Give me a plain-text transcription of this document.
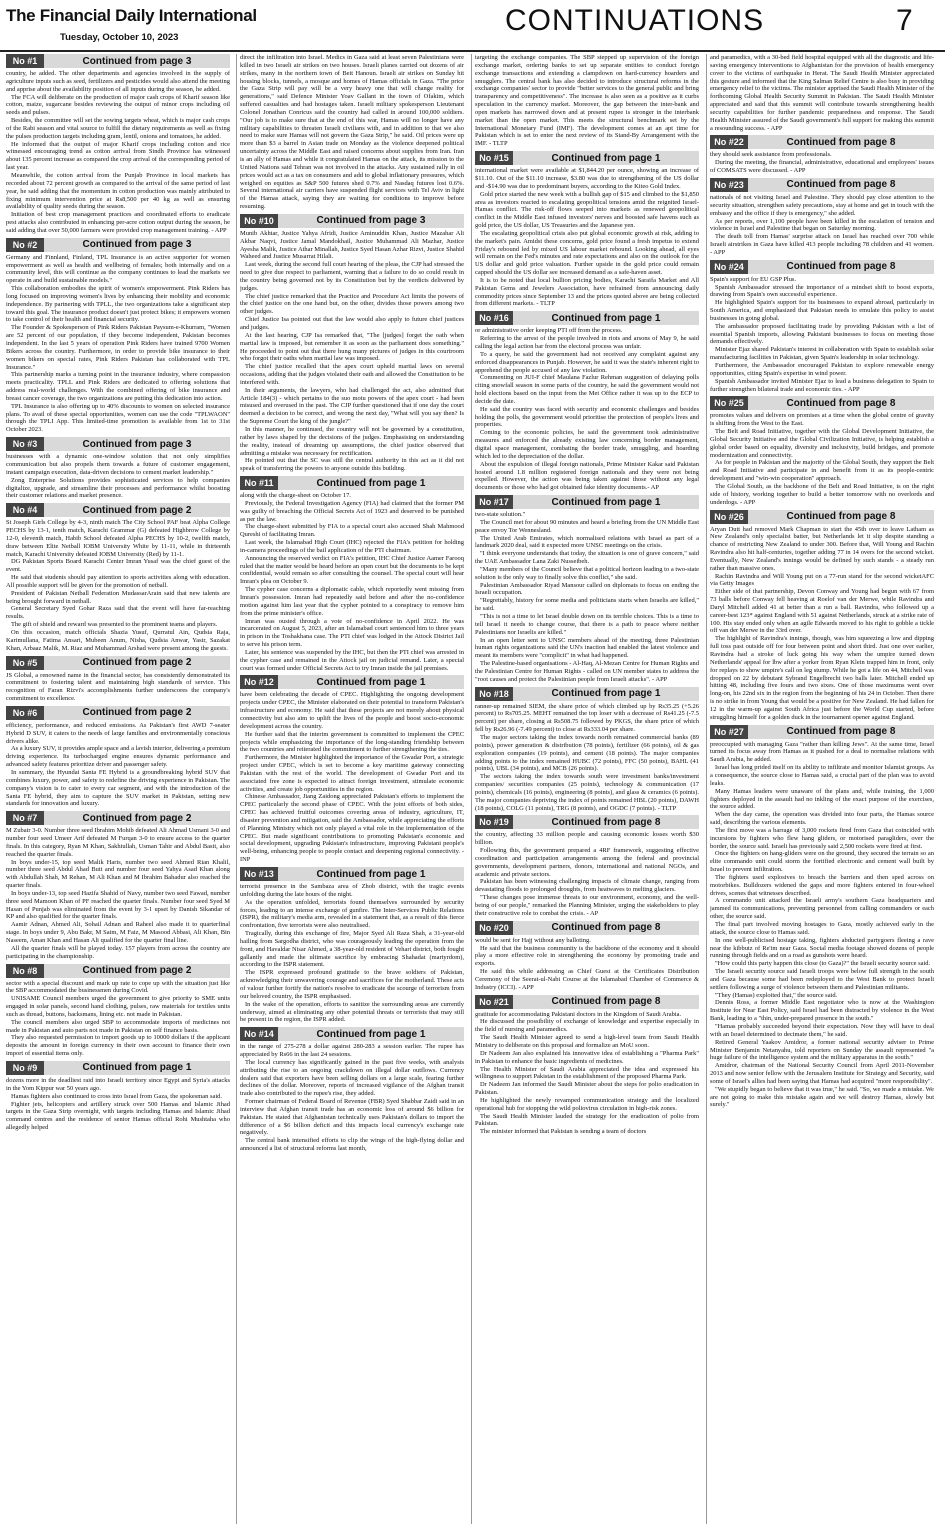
The Financial Daily International
Tuesday, October 10, 2023
CONTINUATIONS	7
No #1	Continued from page 3

country, he added. The other departments and agencies involved in the supply of agriculture inputs such as seed, fertilizers and pesticides would also attend the meeting and apprise about the availability position of all inputs during the season, he added.

The FCA will deliberate on the production of major cash crops of Kharif season like cotton, maize, sugarcane besides reviewing the output of minor crops including oil seeds and pulses.

Besides, the committee will set the sowing targets wheat, which is major cash crops of the Rabi season and vital source to fulfill the dietary requirements as well as fixing the pulses production targets including gram, lentil, onions and tomatoes, he added.

He informed that the output of major Kharif crops including cotton and rice witnessed encouraging trend as cotton arrival from Sindh Province has witnessed about 135 percent increase as compared the crop arrival of the corresponding period of last year.

Meanwhile, the cotton arrival from the Punjab Province in local markets has recorded about 72 percent growth as compared to the arrival of the same period of last year, he said adding that the momentum in cotton production was mainly attributed to fixing minimum intervention price at Rs8,500 per 40 kg as well as ensuring availability of quality seeds during the season.

Initiation of best crop management practices and coordinated efforts to eradicate pest attacks also contributed in enhancing per-acre cotton output during the season, he said adding that over 50,000 farmers were provided crop management training. - APP

No #2	Continued from page 3

Germany and Finnland, Finland, TPL Insurance is an active supporter for women empowerment as well as health and wellbeing of females; both internally and on a community level, this will continue as the company continues to lead the markets we operate in and build sustainable models."

This collaboration embodies the spirit of women's empowerment. Pink Riders has long focused on improving women's lives by enhancing their mobility and economic independence. By partnering with TPLL, the two organizations take a significant step toward this goal. The insurance product doesn't just protect bikes; it empowers women to take control of their health and financial security.

The Founder & Spokesperson of Pink Riders Pakistan Paysum-e-Khurram, "Women are 52 percent of our population, if they become independent, Pakistan becomes independent. In the last 5 years of operation Pink Riders have trained 9700 Women Bikers across the country. Furthermore, in order to provide bike insurance to their women bikers on special rates, Pink Riders Pakistan has collaborated with TPL Insurance."

This partnership marks a turning point in the insurance industry, where compassion meets practicality. TPLL and Pink Riders are dedicated to offering solutions that address real-world challenges. With the combined offering of bike insurance and breast cancer coverage, the two organizations are putting this dedication into action.

TPL Insurance is also offering up to 40% discounts to women on selected insurance plans. To avail of these special opportunities, women can use the code "TPLWAON" through the TPLI App. This limited-time promotion is available from 1st to 31st October 2023.

No #3	Continued from page 3

businesses with a dynamic one-window solution that not only simplifies communication but also propels them towards a future of customer engagement, instant campaign execution, data-driven decisions to cement market leadership."

Zong Enterprise Solutions provides sophisticated services to help companies digitalize, upgrade, and streamline their processes and performance whilst boosting their customer relations and market presence.

No #4	Continued from page 2

St Joseph Girls College by 4-3, ninth match The City School PAF beat Alpha College PECHS by 13-1, tenth match, Karachi Grammar (G) defeated Highbrow College by 12-0, eleventh match, Habib School defeated Alpha PECHS by 10-2, twelfth match, draw between Elite Netball IOBM University White by 11-11, while in thirteenth match, Karachi University defeated IOBM University (Red) by 11-1.

DG Pakistan Sports Board Karachi Center Imran Yusaf was the chief guest of the event.

He said that students should pay attention to sports activities along with education. All possible support will be given for the promotion of netball.

President of Pakistan Netball Federation MudassarArain said that new talents are being brought forward in netball.

General Secretary Syed Gohar Raza said that the event will have far-reaching results.

The gift of shield and reward was presented to the prominent teams and players.

On this occasion, match officials Shazia Yusuf, Qurratul Ain, Qudsia Raja, Karimullana, Fatima Ansari, Mubeen Anum, Nisha, Qudsia Anwar, Yasir, Sazakat Khan, Arbaaz Malik, M. Riaz and Muhammad Arshad were present among the guests.

No #5	Continued from page 2

JS Global, a renowned name in the financial sector, has consistently demonstrated its commitment to fostering talent and maintaining high standards of service. This recognition of Faran Rizvi's accomplishments further underscores the company's commitment to excellence.

No #6	Continued from page 2

efficiency, performance, and reduced emissions. As Pakistan's first AWD 7-seater Hybrid D SUV, it caters to the needs of large families and environmentally conscious drivers alike.

As a luxury SUV, it provides ample space and a lavish interior, delivering a premium driving experience. Its turbocharged engine ensures dynamic performance and advanced safety features prioritize driver and passenger safety.

In summary, the Hyundai Santa FE Hybrid is a groundbreaking hybrid SUV that combines luxury, power, and safety to redefine the driving experience in Pakistan. The company's vision is to cater to every car segment, and with the introduction of the Santa FE hybrid, they aim to capture the SUV market in Pakistan, setting new standards for innovation and luxury.

No #7	Continued from page 2

M Zubair 3-0. Number three seed Ibrahim Mohib defeated Ali Ahmad Usmani 3-0 and number four seed Umeer Arif defeated M Furqan 3-0 to ensure access to the quarter finals. In this category, Ryan M Khan, Sakhiullah, Usman Tahir and Abdul Basit, also reached the quarter finals.

In boys under-15, top seed Malik Haris, number two seed Ahmed Rian Khalil, number three seed Abdul Ahad Butt and number four seed Yahya Asad Khan along with Abdullah Shah, M Rehan, M Ali Khan and M Ibrahim Bahadur also reached the quarter finals.

In boys under-13, top seed Hazifa Shahid of Navy, number two seed Fawad, number three seed Mamoon Khan of PF reached the quarter finals. Number four seed Syed M Hasan of Punjab was eliminated from the event by 3-1 upset by Danish Sikandar of KP and also qualified for the quarter finals.

Aamir Adnan, Ahmed Ali, Sohail Adnan and Raheel also made it to quarterfinal stage. In boys under 9, Abu Bakr, M Saim, M Faiz, M Masood Abbasi, Ali Khan, Bin Naseem, Aman Khan and Hasan Ali qualified for the quarter final line.

All the quarter finals will be played today. 157 players from across the country are participating in the championship.

No #8	Continued from page 2

sector with a special discount and mark up rate to cope up with the situation just like the SBP accommodated the businessmen during Covid.

UNISAME Council members urged the government to give priority to SME units engaged in solar panels, second hand clothing, pulses, raw materials for textiles units such as thread, buttons, backsmans, lining etc. not made in Pakistan.

The council members also urged SBP to accommodate imports of medicines not made in Pakistan and auto parts not made in Pakistan on self finance basis.

They also requested permission to import goods up to 10000 dollars if the applicant deposits the amount in foreign currency in their own account to finance their own import of essential items only.

No #9	Continued from page 1

dozens more in the deadliest raid into Israeli territory since Egypt and Syria's attacks in the Yom Kippur war 50 years ago.

Hamas fighters also continued to cross into Israel from Gaza, the spokesman said.

Fighter jets, helicopters and artillery struck over 500 Hamas and Islamic Jihad targets in the Gaza Strip overnight, with targets including Hamas and Islamic Jihad command centres and the residence of senior Hamas official Rohi Mushtaha who allegedly helped

direct the infiltration into Israel. Medics in Gaza said at least seven Palestinians were killed in two Israeli air strikes on two houses. Israeli planes carried out dozens of air strikes, many in the northern town of Beit Hanoun. Israeli air strikes on Sunday hit housing blocks, tunnels, a mosque and homes of Hamas officials in Gaza. "The price the Gaza Strip will pay will be a very heavy one that will change reality for generations," said Defence Minister Yoav Gallant in the town of Ofakim, which suffered casualties and had hostages taken. Israeli military spokesperson Lieutenant Colonel Jonathan Conricus said the country had called in around 100,000 soldiers. "Our job is to make sure that at the end of this war, Hamas will no longer have any military capabilities to threaten Israeli civilians with, and in addition to that we also need to make sure Hamas will not govern the Gaza Strip," he said. Oil prices were up more than $3 a barrel in Asian trade on Monday as the violence deepened political uncertainty across the Middle East and raised concerns about supplies from Iran. Iran is an ally of Hamas and while it congratulated Hamas on the attack, its mission to the United Nations said Tehran was not involved in the attacks. Any sustained rally in oil prices would act as a tax on consumers and add to global inflationary pressures, which weighed on equities as S&P 500 futures shed 0.7% and Nasdaq futures lost 0.6%. Several international air carriers have suspended flight services with Tel Aviv in light of the Hamas attack, saying they are waiting for conditions to improve before resuming.

No #10	Continued from page 3

Munib Akhtar, Justice Yahya Afridi, Justice Aminuddin Khan, Justice Mazahar Ali Akbar Naqvi, Justice Jamal Mandokhail, Justice Muhammad Ali Mazhar, Justice Ayesha Malik, Justice Athar Minallah, Justice Syed Hasan Azhar Rizvi, Justice Shahid Waheed and Justice Musarrat Hilali.

Last week, during the second full court hearing of the pleas, the CJP had stressed the need to give due respect to parliament, warning that a failure to do so could result in the country being governed not by its Constitution but by the verdicts delivered by judges.

The chief justice remarked that the Practice and Procedure Act limits the powers of the chief justice on the one hand but, on the other, divides those powers among two other judges.

Chief Justice Isa pointed out that the law would also apply to future chief justices and judges.

At the last hearing, CJP Isa remarked that, "The [judges] forget the oath when martial law is imposed, but remember it as soon as the parliament does something." He proceeded to point out that there hung many pictures of judges in this courtroom who forgot their oaths when martial law was imposed.

The chief justice recalled that the apex court upheld martial laws on several occasions, adding that the judges violated their oath and allowed the Constitution to be interfered with.

In their arguments, the lawyers, who had challenged the act, also admitted that Article 184(3) - which pertains to the suo motu powers of the apex court - had been misused and overused in the past. The CJP further questioned that if one day the court deemed a decision to be correct, and wrong the next day, "What will you say then? Is the Supreme Court the king of the jungle?"

In this manner, he continued, the country will not be governed by a constitution, rather by laws shaped by the decisions of the judges. Emphasising on understanding the reality, instead of dreaming up assumptions, the chief justice observed that admitting a mistake was necessary for rectification.

He pointed out that the SC was still the central authority in this act as it did not speak of transferring the powers to anyone outside this building.

No #11	Continued from page 1

along with the charge-sheet on October 17.

Previously, the Federal Investigation Agency (FIA) had claimed that the former PM was guilty of breaching the Official Secrets Act of 1923 and deserved to be punished as per the law.

The charge-sheet submitted by FIA to a special court also accused Shah Mahmood Qureshi of facilitating Imran.

Last week, the Islamabad High Court (IHC) rejected the FIA's petition for holding in-camera proceedings of the bail application of the PTI chairman.

Announcing the reserved verdict on FIA's petition, IHC Chief Justice Aamer Farooq ruled that the matter would be heard before an open court but the documents to be kept confidential, would remain so after consulting the counsel. The special court will hear Imran's plea on October 9.

The cypher case concerns a diplomatic cable, which reportedly went missing from Imran's possession. Imran had repeatedly said before and after the no-confidence motion against him last year that the cypher pointed to a conspiracy to remove him from the prime minister's office.

Imran was ousted through a vote of no-confidence in April 2022. He was incarcerated on August 5, 2023, after an Islamabad court sentenced him to three years in prison in the Toshakhana case. The PTI chief was lodged in the Attock District Jail to serve his prison term.

Later, his sentence was suspended by the IHC, but then the PTI chief was arrested in the cypher case and remained in the Attock jail on judicial remand. Later, a special court was formed under Official Secrets Act to try Imran inside the jail premises.

No #12	Continued from page 1

have been celebrating the decade of CPEC. Highlighting the ongoing development projects under CPEC, the Minister elaborated on their potential to transform Pakistan's infrastructure and economy. He said that these projects are not merely about physical connectivity but also aim to uplift the lives of the people and boost socio-economic development across the country.

He further said that the interim government is committed to implement the CPEC projects while emphasizing the importance of the long-standing friendship between the two countries and reiterated the commitment to further strengthening the ties.

Furthermore, the Minister highlighted the importance of the Gwadar Port, a strategic project under CPEC, which is set to become a key maritime gateway connecting Pakistan with the rest of the world. The development of Gwadar Port and its associated free zone is expected to attract foreign investment, stimulate economic activities, and create job opportunities in the region.

Chinese Ambassador, Jiang Zaidong appreciated Pakistan's efforts to implement the CPEC particularly the second phase of CPEC. With the joint efforts of both sides, CPEC has achieved fruitful outcomes covering areas of industry, agriculture, IT, disaster prevention and mitigation, said the Ambassador, while appreciating the efforts of Planning Ministry which not only played a vital role in the implementation of the CPEC. But made significant contributions to promoting Pakistan's economic and social development, upgrading Pakistan's infrastructure, improving Pakistani people's well-being, enhancing people to people contact and deepening regional connectivity. - INP

No #13	Continued from page 1

terrorist presence in the Sambaza area of Zhob district, with the tragic events unfolding during the late hours of the night.

As the operation unfolded, terrorists found themselves surrounded by security forces, leading to an intense exchange of gunfire. The Inter-Services Public Relations (ISPR), the military's media arm, revealed in a statement that, as a result of this fierce confrontation, five terrorists were also neutralised.

Tragically, during this exchange of fire, Major Syed Ali Raza Shah, a 31-year-old hailing from Sargodha district, who was courageously leading the operation from the front, and Havaldar Nisar Ahmed, a 38-year-old resident of Vehari district, both fought gallantly and made the ultimate sacrifice by embracing Shahadat (martyrdom), according to the ISPR statement.

The ISPR expressed profound gratitude to the brave soldiers of Pakistan, acknowledging their unwavering courage and sacrifices for the motherland. These acts of valour further fortify the nation's resolve to eradicate the scourge of terrorism from our beloved country, the ISPR emphasised.

In the wake of the operation, efforts to sanitize the surrounding areas are currently underway, aimed at eliminating any other potential threats or terrorists that may still be present in the region, the ISPR added.

No #14	Continued from page 1

in the range of 275-278 a dollar against 280-283 a session earlier. The rupee has appreciated by Rs66 in the last 24 sessions.

The local currency has significantly gained in the past five weeks, with analysts attributing the rise to an ongoing crackdown on illegal dollar outflows. Currency dealers said that exporters have been selling dollars on a large scale, fearing further declines of the dollar. Moreover, reports of increased vigilance of the Afghan transit trade also contributed to the rupee's rise, they added.

Former chairman of Federal Board of Revenue (FBR) Syed Shabbar Zaidi said in an interview that Afghan transit trade has an economic loss of around $6 billion for Pakistan. He stated that Afghanistan technically uses Pakistan's dollars to import the difference of a $6 billion deficit and this impacts local currency's exchange rate negatively.

The central bank intensified efforts to clip the wings of the high-flying dollar and announced a list of structural reforms last month,

targeting the exchange companies. The SBP stepped up supervision of the foreign exchange market, ordering banks to set up separate entities to conduct foreign exchange transactions and extending a clampdown on hard-currency hoarders and smugglers. The central bank has also decided to introduce structural reforms in the exchange companies' sector to provide "better services to the general public and bring transparency and competitiveness". The increase is also seen as a positive as it curbs speculation in the currency market. Moreover, the gap between the inter-bank and open markets has narrowed down and at present rupee is stronger in the interbank market than the open market. This meets the structural benchmark set by the International Monetary Fund (IMF). The development comes at an apt time for Pakistan which is set to enter the next review of its Stand-By Arrangement with the IMF. - TLTP

No #15	Continued from page 1

international market were available at $1,844.20 per ounce, showing an increase of $11.10. Out of the $11.10 increase, $3.80 was due to strengthening of the US dollar and -$14.90 was due to predominant buyers, according to the Kiteo Gold Index.

Gold price started the new week with a bullish gap of $15 and climbed to the $1,850 area as investors reacted to escalating geopolitical tensions amid the reignited Israel-Hamas conflict. The risk-off flows seeped into markets as renewed geopolitical conflict in the Middle East infused investors' nerves and boosted safe havens such as gold price, the US dollar, US Treasuries and the Japanese yen.

The escalating geopolitical crisis also put global economic growth at risk, adding to the market's pain. Amidst these concerns, gold price found a fresh impetus to extend Friday's rebound led by mixed US labour market rebound. Looking ahead, all eyes will remain on the Fed's minutes and rate expectations and also on the outlook for the US dollar and gold price valuation. Further upside in the gold price could remain capped should the US dollar see increased demand as a safe-haven asset.

It is to be noted that local bullion pricing bodies, Karachi Saraifa Market and All Pakistan Gems and Jewelers Association, have refrained from announcing daily commodity prices since September 13 and the prices quoted above are being collected from different markets. - TLTP

No #16	Continued from page 1

or administrative order keeping PTI off from the process.

Referring to the arrest of the people involved in riots and arsons of May 9, he said calling the legal action bar from the electoral process was unfair.

To a query, he said the government had not received any complaint against any enforced disappearances in Punjab. However, he said it was the state's inherent right to apprehend the people accused of any law violation.

Commenting on JUI-F chief Maulana Fazlur Rehman suggestion of delaying polls citing snowfall season in some parts of the country, he said the government would not hold elections based on the input from the Met Office rather it was up to the ECP to decide the date.

He said the country was faced with security and economic challenges and besides holding the polls, the government would prioritise the protection of people's lives and properties.

Coming to the economic policies, he said the government took administrative measures and enforced the already existing law concerning border management, digital space management, combating the border trade, smuggling, and hoarding which led to the depreciation of the dollar.

About the expulsion of illegal foreign nationals, Prime Minister Kakar said Pakistan hosted around 1.8 million registered foreign nationals and they were not being expelled. However, the action was being taken against those without any legal documents or those who had got obtained fake identity documents.- AP

No #17	Continued from page 1

two-state solution."

The Council met for about 90 minutes and heard a briefing from the UN Middle East peace envoy Tor Wennesland.

The United Arab Emirates, which normalised relations with Israel as part of a landmark 2020 deal, said it expected more UNSC meetings on the crisis.

"I think everyone understands that today, the situation is one of grave concern," said the UAE Ambassador Lana Zaki Nusseibeh.

"Many members of the Council believe that a political horizon leading to a two-state solution is the only way to finally solve this conflict," she said.

Palestinian Ambassador Riyad Mansour called on diplomats to focus on ending the Israeli occupation.

"Regrettably, history for some media and politicians starts when Israelis are killed," he said.

"This is not a time to let Israel double down on its terrible choices. This is a time to tell Israel it needs to change course, that there is a path to peace where neither Palestinians nor Israelis are killed."

In an open letter sent to UNSC members ahead of the meeting, three Palestinian human rights organizations said the UN's inaction had enabled the latest violence and meant its members were "complicit" in what had happened.

The Palestine-based organisations - Al-Haq, Al-Mezan Centre for Human Rights and the Palestinian Centre for Human Rights - called on UN member states to address the "root causes and protect the Palestinian people from Israeli attacks". - APP

No #18	Continued from page 1

ranner-up remained SIEM, the share price of which climbed up by Rs35.25 (+5.26 percent) to Rs705.25. MEHT remained the top loser with a decrease of Rs41.25 (-7.5 percent) per share, closing at Rs508.75 followed by PKGS, the share price of which fell by Rs26.96 (-7.49 percent) to close at Rs333.04 per share.

The major sectors taking the index towards north remained commercial banks (89 points), power generation & distribution (78 points), fertilizer (66 points), oil & gas exploration companies (19 points), and cement (18 points). The major companies adding points to the index remained HUBC (72 points), FFC (50 points), BAHL (41 points), UBL (34 points), and MCB (26 points).

The sectors taking the index towards south were investment banks/investment companies/ securities companies (25 points), technology & communication (17 points), chemicals (16 points), engineering (8 points), and glass & ceramics (6 points). The major companies depriving the index of points remained HBL (20 points), DAWH (18 points), COLG (11 points), TRG (8 points), and OGDC (7 points). - TLTP

No #19	Continued from page 8

the country, affecting 33 million people and causing economic losses worth $30 billion.

Following this, the government prepared a 4RF framework, suggesting effective coordination and participation arrangements among the federal and provincial governments, development partners, donors, international and national NGOs, and academic and private sectors.

Pakistan has been witnessing challenging impacts of climate change, ranging from devastating floods to prolonged droughts, from heatwaves to melting glaciers.

"These changes pose immense threats to our environment, economy, and the well-being of our people," remarked the Planning Minister, urging the stakeholders to play their constructive role to combat the crisis. - AP

No #20	Continued from page 8

would be sent for Hajj without any balloting.

He said that the business community is the backbone of the economy and it should play a more effective role in strengthening the economy by promoting trade and exports.

He said this while addressing as Chief Guest at the Certificates Distribution Ceremony of the Seerat-ul-Nabi Course at the Islamabad Chamber of Commerce & Industry (ICCI). - APP

No #21	Continued from page 8

gratitude for accommodating Pakistani doctors in the Kingdom of Saudi Arabia.

He discussed the possibility of exchange of knowledge and expertise especially in the field of nursing and paramedics.

The Saudi Health Minister agreed to send a high-level team from Saudi Health Ministry to deliberate on this proposal and formalize an MoU soon.

Dr Nadeem Jan also explained his innovative idea of establishing a "Pharma Park" in Pakistan to enhance the basic ingredients of medicines.

The Health Minister of Saudi Arabia appreciated the idea and expressed his willingness to support Pakistan in the establishment of the proposed Pharma Park.

Dr Nadeem Jan informed the Saudi Minister about the steps for polio eradication in Pakistan.

He highlighted the newly revamped communication strategy and the localized operational hub for stopping the wild poliovirus circulation in high-risk zones.

The Saudi Health Minister lauded the strategy for the eradication of polio from Pakistan.

The minister informed that Pakistan is sending a team of doctors

and paramedics, with a 30-bed field hospital equipped with all the diagnostic and life-saving emergency interventions to Afghanistan for the provision of health emergency cover to the victims of earthquake in Herat. The Saudi Health Minister appreciated this gesture and informed that the King Salman Relief Centre is also busy in providing emergency relief to the victims. The minister apprised the Saudi Health Minister of the forthcoming Global Health Security Summit in Pakistan. The Saudi Health Minister appreciated and said that this summit will contribute towards strengthening health security capabilities for further pandemic preparedness and response. The Saudi Health Minister assured of the Saudi government's full support for making this summit a resounding success. - APP

No #22	Continued from page 8

they should seek assistance from professionals.

During the meeting, the financial, administrative, educational and employees' issues of COMSATS were discussed. - APP

No #23	Continued from page 8

nationals of not visiting Israel and Palestine. They should pay close attention to the security situation, strengthen safety precautions, stay at home and get in touch with the embassy and the office if they is emergency," she added.

As per reports, over 1,100 people have been killed in the escalation of tension and violence in Israel and Palestine that began on Saturday morning.

The death toll from Hamas' surprise attack on Israel has reached over 700 while Israeli airstrikes in Gaza have killed 413 people including 78 children and 41 women. - APP

No #24	Continued from page 8

Spain's support for EU GSP Plus.

Spanish Ambassador stressed the importance of a mindset shift to boost exports, drawing from Spain's own successful experience.

He highlighted Spain's support for its businesses to expand abroad, particularly in South America, and emphasized that Pakistan needs to emulate this policy to assist businesses in going global.

The ambassador proposed facilitating trade by providing Pakistan with a list of essential Spanish imports, allowing Pakistani businesses to focus on meeting those demands effectively.

Minister Ejaz shared Pakistan's interest in collaboration with Spain to establish solar manufacturing facilities in Pakistan, given Spain's leadership in solar technology.

Furthermore, the Ambassador encouraged Pakistan to explore renewable energy opportunities, citing Spain's expertise in wind power.

Spanish Ambassador invited Minister Ejaz to lead a business delegation to Spain to further strengthen bilateral trade and economic ties. - APP

No #25	Continued from page 8

promotes values and delivers on promises at a time when the global centre of gravity is shifting from the West to the East.

The Belt and Road Initiative, together with the Global Development Initiative, the Global Security Initiative and the Global Civilization Initiative, is helping establish a global order based on equality, diversity and inclusivity, build bridges, and promote modernization and connectivity.

As for people in Pakistan and the majority of the Global South, they support the Belt and Road Initiative and participate in and benefit from it as its people-centric development and "win-win cooperation" approach.

The Global South, as the backbone of the Belt and Road Initiative, is on the right side of history, working together to build a better tomorrow with no overlords and underdogs. - APP

No #26	Continued from page 8

Aryan Dutt had removed Mark Chapman to start the 45th over to leave Latham as New Zealand's only specialist batter, but Netherlands let it slip despite standing a chance of restricting New Zealand to under 300. Before that, Will Young and Rachin Ravindra also hit half-centuries, together adding 77 in 14 overs for the second wicket. Eventually, New Zealand's innings would be defined by such stands - a steady run rather than massive ones.

Rachin Ravindra and Will Young put on a 77-run stand for the second wicketAFC via Getty Images

Either side of that partnership, Devon Conway and Young had begun with 67 from 73 balls before Conway fell heaving at Roelof van der Merwe, while Ravindra and Daryl Mitchell added 41 at better than a run a ball. Ravindra, who followed up a career-best 123* against England with 51 against Netherlands, struck at a strike rate of 100. His stay ended only when an agile Edwards moved to his right to gobble a tickle off van der Merwe in the 33rd over.

The highlight of Ravindra's innings, though, was him squeezing a low and dipping full toss past outside off for four between point and short third. Just one over earlier, Ravindra had a stroke of luck going his way when the umpire turned down Netherlands' appeal for lbw after a yorker from Ryan Klein trapped him in front, only for replays to show umpire's call on leg stump. While he got a life on 44, Mitchell was dropped on 22 by debutant Sybrand Engelbrecht two balls later. Mitchell ended up hitting 48, including five fours and two sixes. One of those maximums went over long-on, his 22nd six in the region from the beginning of his 24 in October. Then there is no strike in from Young that would be a positive for New Zealand. He had fallen for 12 in the warm-up against South Africa just before the World Cup started, before struggling himself for a golden duck in the tournament opener against England.

No #27	Continued from page 8

preoccupied with managing Gaza "rather than killing Jews". At the same time, Israel turned its focus away from Hamas as it pushed for a deal to normalise relations with Saudi Arabia, he added.

Israel has long prided itself on its ability to infiltrate and monitor Islamist groups. As a consequence, the source close to Hamas said, a crucial part of the plan was to avoid leaks.

Many Hamas leaders were unaware of the plans and, while training, the 1,000 fighters deployed in the assault had no inkling of the exact purpose of the exercises, the source added.

When the day came, the operation was divided into four parts, the Hamas source said, describing the various elements.

The first move was a barrage of 3,000 rockets fired from Gaza that coincided with incursions by fighters who flew hang gliders, or motorised paragliders, over the border, the source said. Israeli has previously said 2,500 rockets were fired at first.

Once the fighters on hang-gliders were on the ground, they secured the terrain so an elite commando unit could storm the fortified electronic and cement wall built by Israel to prevent infiltration.

The fighters used explosives to breach the barriers and then sped across on motorbikes. Bulldozers widened the gaps and more fighters entered in four-wheel drives, scenes that witnesses described.

A commando unit attacked the Israeli army's southern Gaza headquarters and jammed its communications, preventing personnel from calling commanders or each other, the source said.

The final part involved moving hostages to Gaza, mostly achieved early in the attack, the source close to Hamas said.

In one well-publicised hostage taking, fighters abducted partygoers fleeing a rave near the kibbutz of Re'im near Gaza. Social media footage showed dozens of people running through fields and on a road as gunshots were heard.

"How could this party happen this close (to Gaza)?" the Israeli security source said.

The Israeli security source said Israeli troops were below full strength in the south and Gaza because some had been redeployed to the West Bank to protect Israeli settlers following a surge of violence between them and Palestinian militants.

"They (Hamas) exploited that," the source said.

Dennis Ross, a former Middle East negotiator who is now at the Washington Institute for Near East Policy, said Israel had been distracted by violence in the West Bank, leading to a "thin, under-prepared presence in the south."

"Hamas probably succeeded beyond their expectation. Now they will have to deal with an Israel determined to decimate them," he said.

Retired General Yaakov Amidror, a former national security adviser to Prime Minister Benjamin Netanyahu, told reporters on Sunday the assault represented "a huge failure of the intelligence system and the military apparatus in the south."

Amidror, chairman of the National Security Council from April 2011-November 2013 and now senior fellow with the Jerusalem Institute for Strategy and Security, said some of Israel's allies had been saying that Hamas had acquired "more responsibility".

"We stupidly began to believe that it was true," he said. "So, we made a mistake. We are not going to make this mistake again and we will destroy Hamas, slowly but surely."
